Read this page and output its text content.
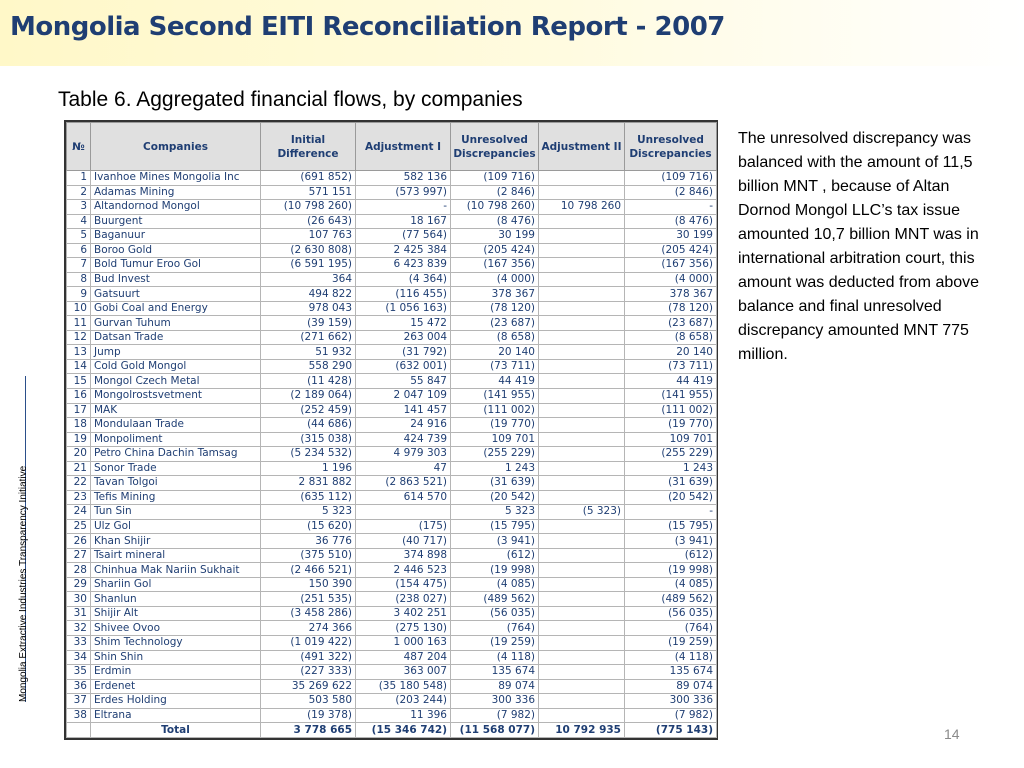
Mongolia Second EITI Reconciliation Report - 2007
Table 6. Aggregated financial flows, by companies
Mongolia Extractive Industries Transparency Initiative
№	Companies	Initial Difference	Adjustment I	Unresolved Discrepancies	Adjustment II	Unresolved Discrepancies
1	Ivanhoe Mines Mongolia Inc	(691 852)	582 136	(109 716)		(109 716)
2	Adamas Mining	571 151	(573 997)	(2 846)		(2 846)
3	Altandornod Mongol	(10 798 260)	-	(10 798 260)	10 798 260	-
4	Buurgent	(26 643)	18 167	(8 476)		(8 476)
5	Baganuur	107 763	(77 564)	30 199		30 199
6	Boroo Gold	(2 630 808)	2 425 384	(205 424)		(205 424)
7	Bold Tumur Eroo Gol	(6 591 195)	6 423 839	(167 356)		(167 356)
8	Bud Invest	364	(4 364)	(4 000)		(4 000)
9	Gatsuurt	494 822	(116 455)	378 367		378 367
10	Gobi Coal and Energy	978 043	(1 056 163)	(78 120)		(78 120)
11	Gurvan Tuhum	(39 159)	15 472	(23 687)		(23 687)
12	Datsan Trade	(271 662)	263 004	(8 658)		(8 658)
13	Jump	51 932	(31 792)	20 140		20 140
14	Cold Gold Mongol	558 290	(632 001)	(73 711)		(73 711)
15	Mongol Czech Metal	(11 428)	55 847	44 419		44 419
16	Mongolrostsvetment	(2 189 064)	2 047 109	(141 955)		(141 955)
17	MAK	(252 459)	141 457	(111 002)		(111 002)
18	Mondulaan Trade	(44 686)	24 916	(19 770)		(19 770)
19	Monpoliment	(315 038)	424 739	109 701		109 701
20	Petro China Dachin Tamsag	(5 234 532)	4 979 303	(255 229)		(255 229)
21	Sonor Trade	1 196	47	1 243		1 243
22	Tavan Tolgoi	2 831 882	(2 863 521)	(31 639)		(31 639)
23	Tefis Mining	(635 112)	614 570	(20 542)		(20 542)
24	Tun Sin	5 323		5 323	(5 323)	-
25	Ulz Gol	(15 620)	(175)	(15 795)		(15 795)
26	Khan Shijir	36 776	(40 717)	(3 941)		(3 941)
27	Tsairt mineral	(375 510)	374 898	(612)		(612)
28	Chinhua Mak Nariin Sukhait	(2 466 521)	2 446 523	(19 998)		(19 998)
29	Shariin Gol	150 390	(154 475)	(4 085)		(4 085)
30	Shanlun	(251 535)	(238 027)	(489 562)		(489 562)
31	Shijir Alt	(3 458 286)	3 402 251	(56 035)		(56 035)
32	Shivee Ovoo	274 366	(275 130)	(764)		(764)
33	Shim Technology	(1 019 422)	1 000 163	(19 259)		(19 259)
34	Shin Shin	(491 322)	487 204	(4 118)		(4 118)
35	Erdmin	(227 333)	363 007	135 674		135 674
36	Erdenet	35 269 622	(35 180 548)	89 074		89 074
37	Erdes Holding	503 580	(203 244)	300 336		300 336
38	Eltrana	(19 378)	11 396	(7 982)		(7 982)
	Total	3 778 665	(15 346 742)	(11 568 077)	10 792 935	(775 143)
The unresolved discrepancy was balanced with the amount of 11,5 billion MNT , because of Altan Dornod Mongol LLC’s tax issue amounted 10,7 billion MNT was in international arbitration court, this amount was deducted from above balance and final unresolved discrepancy amounted MNT 775 million.
14
